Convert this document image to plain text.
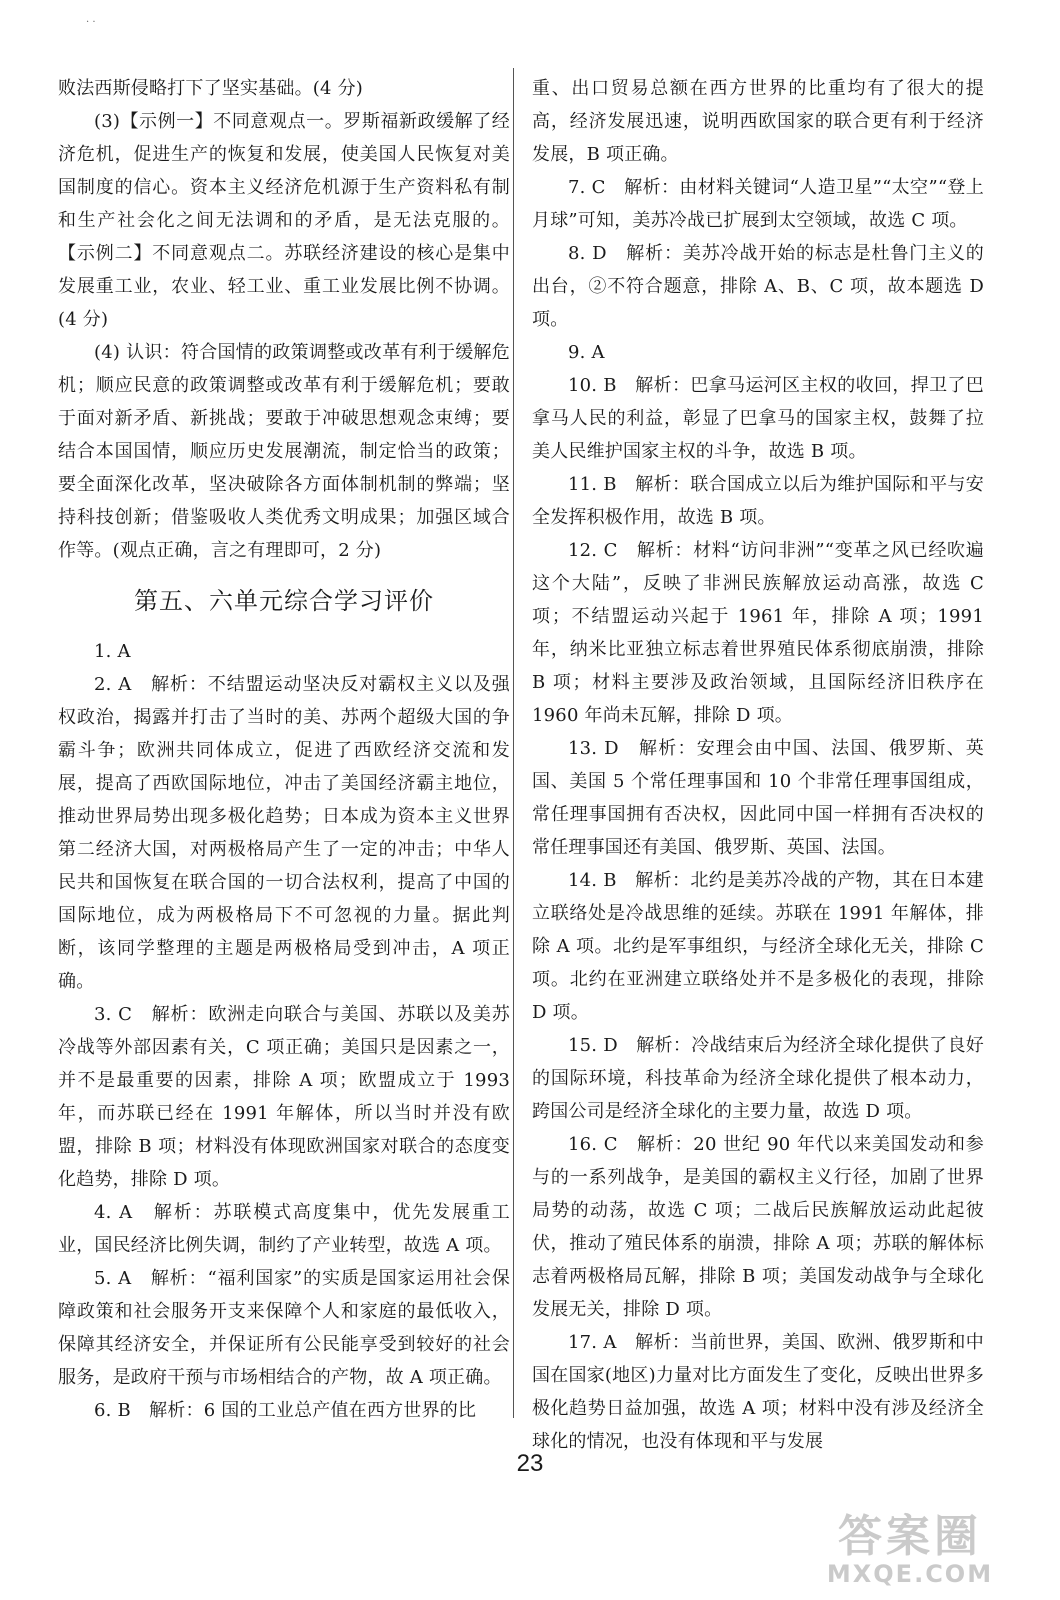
. .

败法西斯侵略打下了坚实基础。(4 分)

(3)【示例一】不同意观点一。罗斯福新政缓解了经济危机，促进生产的恢复和发展，使美国人民恢复对美国制度的信心。资本主义经济危机源于生产资料私有制和生产社会化之间无法调和的矛盾，是无法克服的。 【示例二】不同意观点二。苏联经济建设的核心是集中发展重工业，农业、轻工业、重工业发展比例不协调。(4 分)

(4) 认识：符合国情的政策调整或改革有利于缓解危机；顺应民意的政策调整或改革有利于缓解危机；要敢于面对新矛盾、新挑战；要敢于冲破思想观念束缚；要结合本国国情，顺应历史发展潮流，制定恰当的政策；要全面深化改革，坚决破除各方面体制机制的弊端；坚持科技创新；借鉴吸收人类优秀文明成果；加强区域合作等。(观点正确，言之有理即可，2 分)

第五、六单元综合学习评价

1. A

2. A　解析：不结盟运动坚决反对霸权主义以及强权政治，揭露并打击了当时的美、苏两个超级大国的争霸斗争；欧洲共同体成立，促进了西欧经济交流和发展，提高了西欧国际地位，冲击了美国经济霸主地位，推动世界局势出现多极化趋势；日本成为资本主义世界第二经济大国，对两极格局产生了一定的冲击；中华人民共和国恢复在联合国的一切合法权利，提高了中国的国际地位，成为两极格局下不可忽视的力量。据此判断，该同学整理的主题是两极格局受到冲击，A 项正确。

3. C　解析：欧洲走向联合与美国、苏联以及美苏冷战等外部因素有关，C 项正确；美国只是因素之一，并不是最重要的因素，排除 A 项；欧盟成立于 1993 年，而苏联已经在 1991 年解体，所以当时并没有欧盟，排除 B 项；材料没有体现欧洲国家对联合的态度变化趋势，排除 D 项。

4. A　解析：苏联模式高度集中，优先发展重工业，国民经济比例失调，制约了产业转型，故选 A 项。

5. A　解析：“福利国家”的实质是国家运用社会保障政策和社会服务开支来保障个人和家庭的最低收入，保障其经济安全，并保证所有公民能享受到较好的社会服务，是政府干预与市场相结合的产物，故 A 项正确。

6. B　解析：6 国的工业总产值在西方世界的比

重、出口贸易总额在西方世界的比重均有了很大的提高，经济发展迅速，说明西欧国家的联合更有利于经济发展，B 项正确。

7. C　解析：由材料关键词“人造卫星”“太空”“登上月球”可知，美苏冷战已扩展到太空领域，故选 C 项。

8. D　解析：美苏冷战开始的标志是杜鲁门主义的出台，②不符合题意，排除 A、B、C 项，故本题选 D 项。

9. A

10. B　解析：巴拿马运河区主权的收回，捍卫了巴拿马人民的利益，彰显了巴拿马的国家主权，鼓舞了拉美人民维护国家主权的斗争，故选 B 项。

11. B　解析：联合国成立以后为维护国际和平与安全发挥积极作用，故选 B 项。

12. C　解析：材料“访问非洲”“变革之风已经吹遍这个大陆”，反映了非洲民族解放运动高涨，故选 C 项；不结盟运动兴起于 1961 年，排除 A 项；1991 年，纳米比亚独立标志着世界殖民体系彻底崩溃，排除 B 项；材料主要涉及政治领域，且国际经济旧秩序在 1960 年尚未瓦解，排除 D 项。

13. D　解析：安理会由中国、法国、俄罗斯、英国、美国 5 个常任理事国和 10 个非常任理事国组成，常任理事国拥有否决权，因此同中国一样拥有否决权的常任理事国还有美国、俄罗斯、英国、法国。

14. B　解析：北约是美苏冷战的产物，其在日本建立联络处是冷战思维的延续。苏联在 1991 年解体，排除 A 项。北约是军事组织，与经济全球化无关，排除 C 项。北约在亚洲建立联络处并不是多极化的表现，排除 D 项。

15. D　解析：冷战结束后为经济全球化提供了良好的国际环境，科技革命为经济全球化提供了根本动力，跨国公司是经济全球化的主要力量，故选 D 项。

16. C　解析：20 世纪 90 年代以来美国发动和参与的一系列战争，是美国的霸权主义行径，加剧了世界局势的动荡，故选 C 项；二战后民族解放运动此起彼伏，推动了殖民体系的崩溃，排除 A 项；苏联的解体标志着两极格局瓦解，排除 B 项；美国发动战争与全球化发展无关，排除 D 项。

17. A　解析：当前世界，美国、欧洲、俄罗斯和中国在国家(地区)力量对比方面发生了变化，反映出世界多极化趋势日益加强，故选 A 项；材料中没有涉及经济全球化的情况，也没有体现和平与发展

23
答案圈
MXQE.COM
